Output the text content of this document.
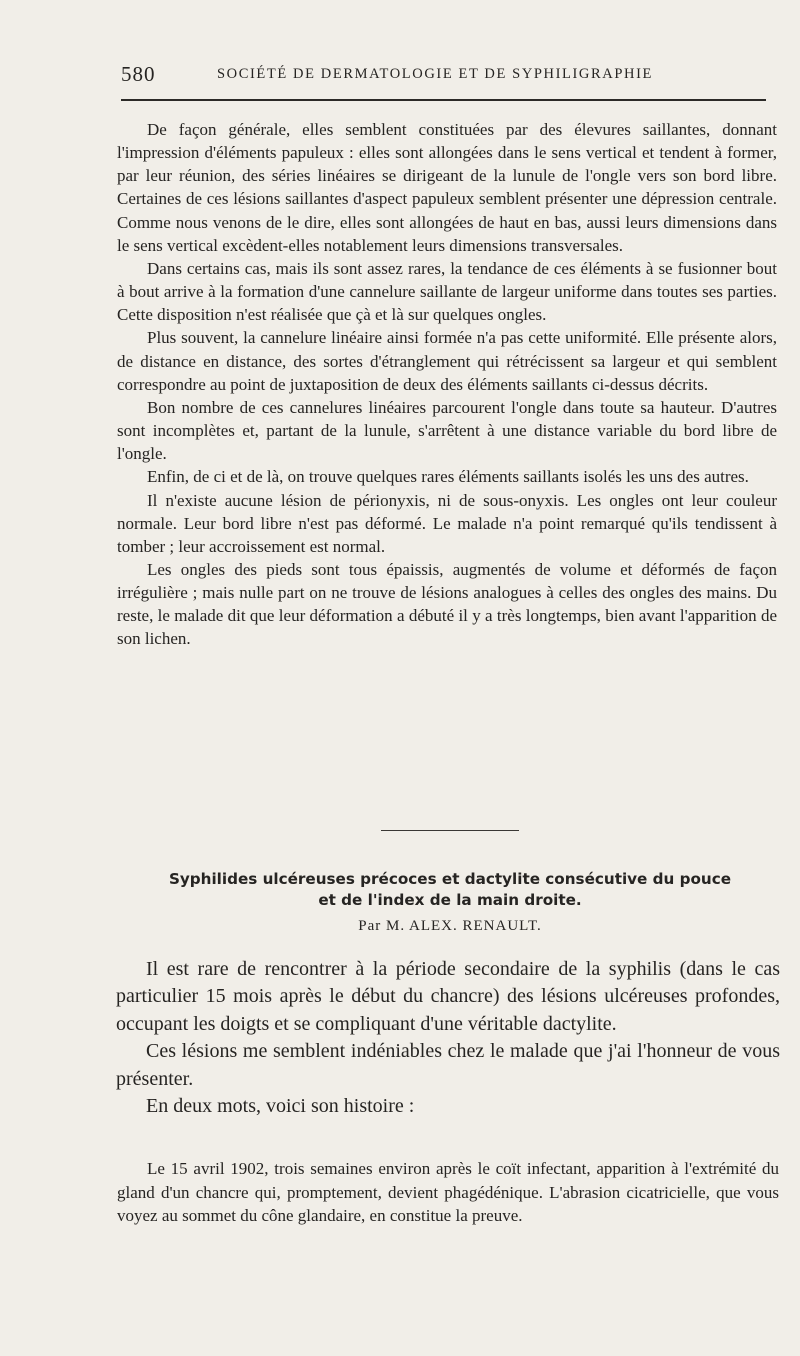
580	SOCIÉTÉ DE DERMATOLOGIE ET DE SYPHILIGRAPHIE

De façon générale, elles semblent constituées par des élevures saillantes, donnant l'impression d'éléments papuleux : elles sont allongées dans le sens vertical et tendent à former, par leur réunion, des séries linéaires se dirigeant de la lunule de l'ongle vers son bord libre. Certaines de ces lésions saillantes d'aspect papuleux semblent présenter une dépression centrale. Comme nous venons de le dire, elles sont allongées de haut en bas, aussi leurs dimensions dans le sens vertical excèdent-elles notablement leurs dimensions transversales.

Dans certains cas, mais ils sont assez rares, la tendance de ces éléments à se fusionner bout à bout arrive à la formation d'une cannelure saillante de largeur uniforme dans toutes ses parties. Cette disposition n'est réalisée que çà et là sur quelques ongles.

Plus souvent, la cannelure linéaire ainsi formée n'a pas cette uniformité. Elle présente alors, de distance en distance, des sortes d'étranglement qui rétrécissent sa largeur et qui semblent correspondre au point de juxtaposition de deux des éléments saillants ci-dessus décrits.

Bon nombre de ces cannelures linéaires parcourent l'ongle dans toute sa hauteur. D'autres sont incomplètes et, partant de la lunule, s'arrêtent à une distance variable du bord libre de l'ongle.

Enfin, de ci et de là, on trouve quelques rares éléments saillants isolés les uns des autres.

Il n'existe aucune lésion de périonyxis, ni de sous-onyxis. Les ongles ont leur couleur normale. Leur bord libre n'est pas déformé. Le malade n'a point remarqué qu'ils tendissent à tomber ; leur accroissement est normal.

Les ongles des pieds sont tous épaissis, augmentés de volume et déformés de façon irrégulière ; mais nulle part on ne trouve de lésions analogues à celles des ongles des mains. Du reste, le malade dit que leur déformation a débuté il y a très longtemps, bien avant l'apparition de son lichen.

Syphilides ulcéreuses précoces et dactylite consécutive du pouce
et de l'index de la main droite.
Par M. ALEX. RENAULT.

Il est rare de rencontrer à la période secondaire de la syphilis (dans le cas particulier 15 mois après le début du chancre) des lésions ulcéreuses profondes, occupant les doigts et se compliquant d'une véritable dactylite.

Ces lésions me semblent indéniables chez le malade que j'ai l'honneur de vous présenter.

En deux mots, voici son histoire :

Le 15 avril 1902, trois semaines environ après le coït infectant, apparition à l'extrémité du gland d'un chancre qui, promptement, devient phagédénique. L'abrasion cicatricielle, que vous voyez au sommet du cône glandaire, en constitue la preuve.
